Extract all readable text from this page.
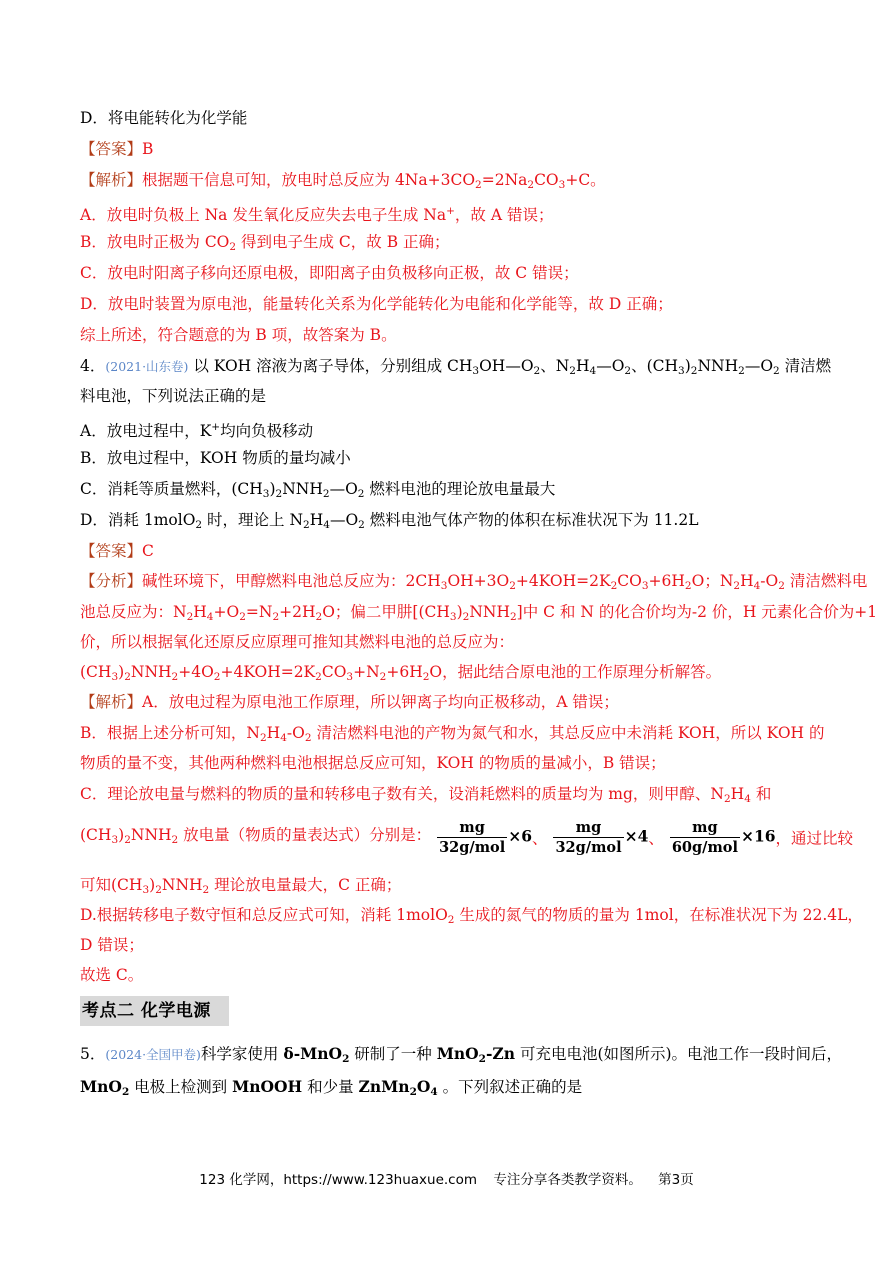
D．将电能转化为化学能
【答案】B
【解析】根据题干信息可知，放电时总反应为 $4Na+3CO_2=2Na_2CO_3+C$。
A．放电时负极上 Na 发生氧化反应失去电子生成 Na+，故 A 错误；
B．放电时正极为 $CO_2$ 得到电子生成 C，故 B 正确；
C．放电时阳离子移向还原电极，即阳离子由负极移向正极，故 C 错误；
D．放电时装置为原电池，能量转化关系为化学能转化为电能和化学能等，故 D 正确；
综上所述，符合题意的为 B 项，故答案为 B。
4．(2021·山东卷) 以 KOH 溶液为离子导体，分别组成 $CH_3OH—O_2$、$N_2H_4—O_2$、$(CH_3)_2NNH_2—O_2$ 清洁燃
料电池，下列说法正确的是
A．放电过程中，K+均向负极移动
B．放电过程中，KOH 物质的量均减小
C．消耗等质量燃料，$(CH_3)_2NNH_2—O_2$ 燃料电池的理论放电量最大
D．消耗 1molO$_2$ 时，理论上 $N_2H_4—O_2$ 燃料电池气体产物的体积在标准状况下为 11.2L
【答案】C
【分析】碱性环境下，甲醇燃料电池总反应为：$2CH_3OH+3O_2+4KOH=2K_2CO_3+6H_2O$；$N_2H_4-O_2$ 清洁燃料电
池总反应为：$N_2H_4+O_2=N_2+2H_2O$；偏二甲肼$[(CH_3)_2NNH_2]$中 C 和 N 的化合价均为-2 价，H 元素化合价为+1
价，所以根据氧化还原反应原理可推知其燃料电池的总反应为：
$(CH_3)_2NNH_2+4O_2+4KOH=2K_2CO_3+N_2+6H_2O$，据此结合原电池的工作原理分析解答。
【解析】A．放电过程为原电池工作原理，所以钾离子均向正极移动，A 错误；
B．根据上述分析可知，$N_2H_4-O_2$ 清洁燃料电池的产物为氮气和水，其总反应中未消耗 KOH，所以 KOH 的
物质的量不变，其他两种燃料电池根据总反应可知，KOH 的物质的量减小，B 错误；
C．理论放电量与燃料的物质的量和转移电子数有关，设消耗燃料的质量均为 mg，则甲醇、$N_2H_4$ 和
$(CH_3)_2NNH_2$ 放电量（物质的量表达式）分别是： $\frac{mg}{\text{32g/mol}} \times 6$、 $\frac{mg}{\text{32g/mol}} \times 4$、 $\frac{mg}{\text{60g/mol}} \times 16$，通过比较
可知$(CH_3)_2NNH_2$ 理论放电量最大，C 正确；
D.根据转移电子数守恒和总反应式可知，消耗 1molO$_2$ 生成的氮气的物质的量为 1mol，在标准状况下为 22.4L，
D 错误；
故选 C。
考点二 化学电源
5．(2024·全国甲卷)科学家使用 δ-MnO$_2$ 研制了一种 MnO$_2$-Zn 可充电电池(如图所示)。电池工作一段时间后，
MnO$_2$ 电极上检测到 MnOOH 和少量 $ZnMn_2O_4$ 。下列叙述正确的是
123 化学网，https://www.123huaxue.com 专注分享各类教学资料。 第3页
